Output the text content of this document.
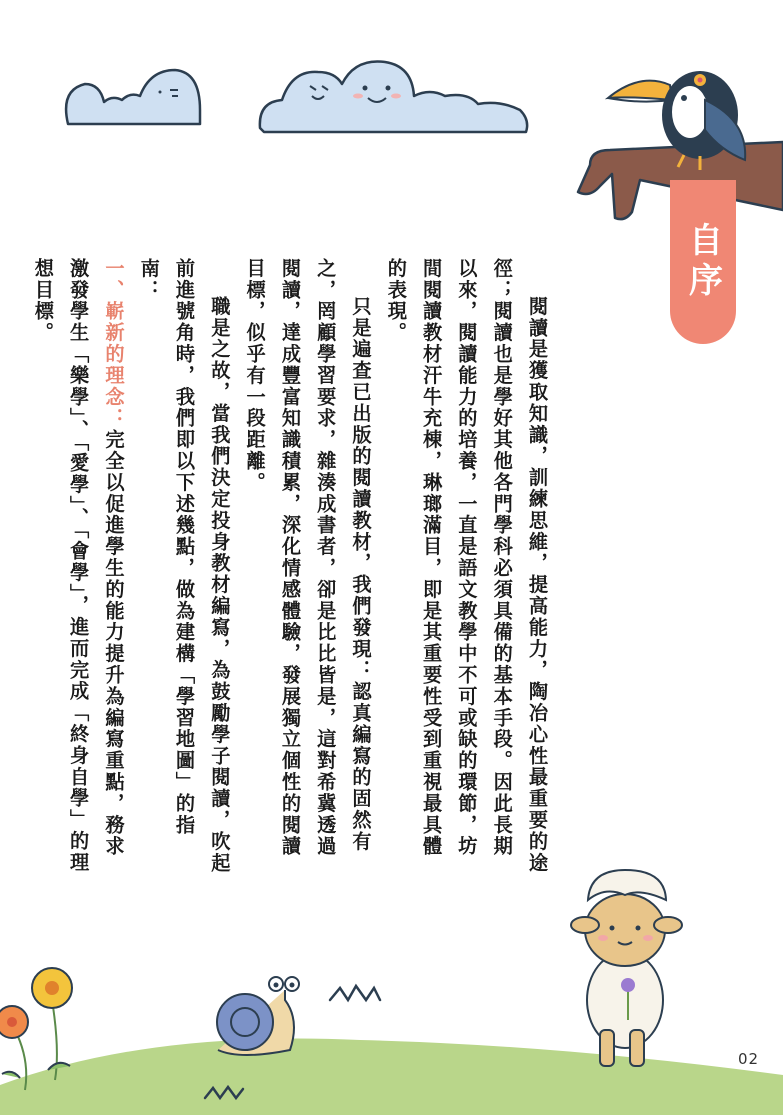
自序

閱讀是獲取知識，訓練思維，提高能力，陶冶心性最重要的途徑；閱讀也是學好其他各門學科必須具備的基本手段。因此長期以來，閱讀能力的培養，一直是語文教學中不可或缺的環節，坊間閱讀教材汗牛充棟，琳瑯滿目，即是其重要性受到重視最具體的表現。

只是遍查已出版的閱讀教材，我們發現：認真編寫的固然有之，罔顧學習要求，雜湊成書者，卻是比比皆是，這對希冀透過閱讀，達成豐富知識積累，深化情感體驗，發展獨立個性的閱讀目標，似乎有一段距離。

職是之故，當我們決定投身教材編寫，為鼓勵學子閱讀，吹起前進號角時，我們即以下述幾點，做為建構「學習地圖」的指南：

一、嶄新的理念：完全以促進學生的能力提升為編寫重點，務求激發學生「樂學」、「愛學」、「會學」，進而完成「終身自學」的理想目標。

02
